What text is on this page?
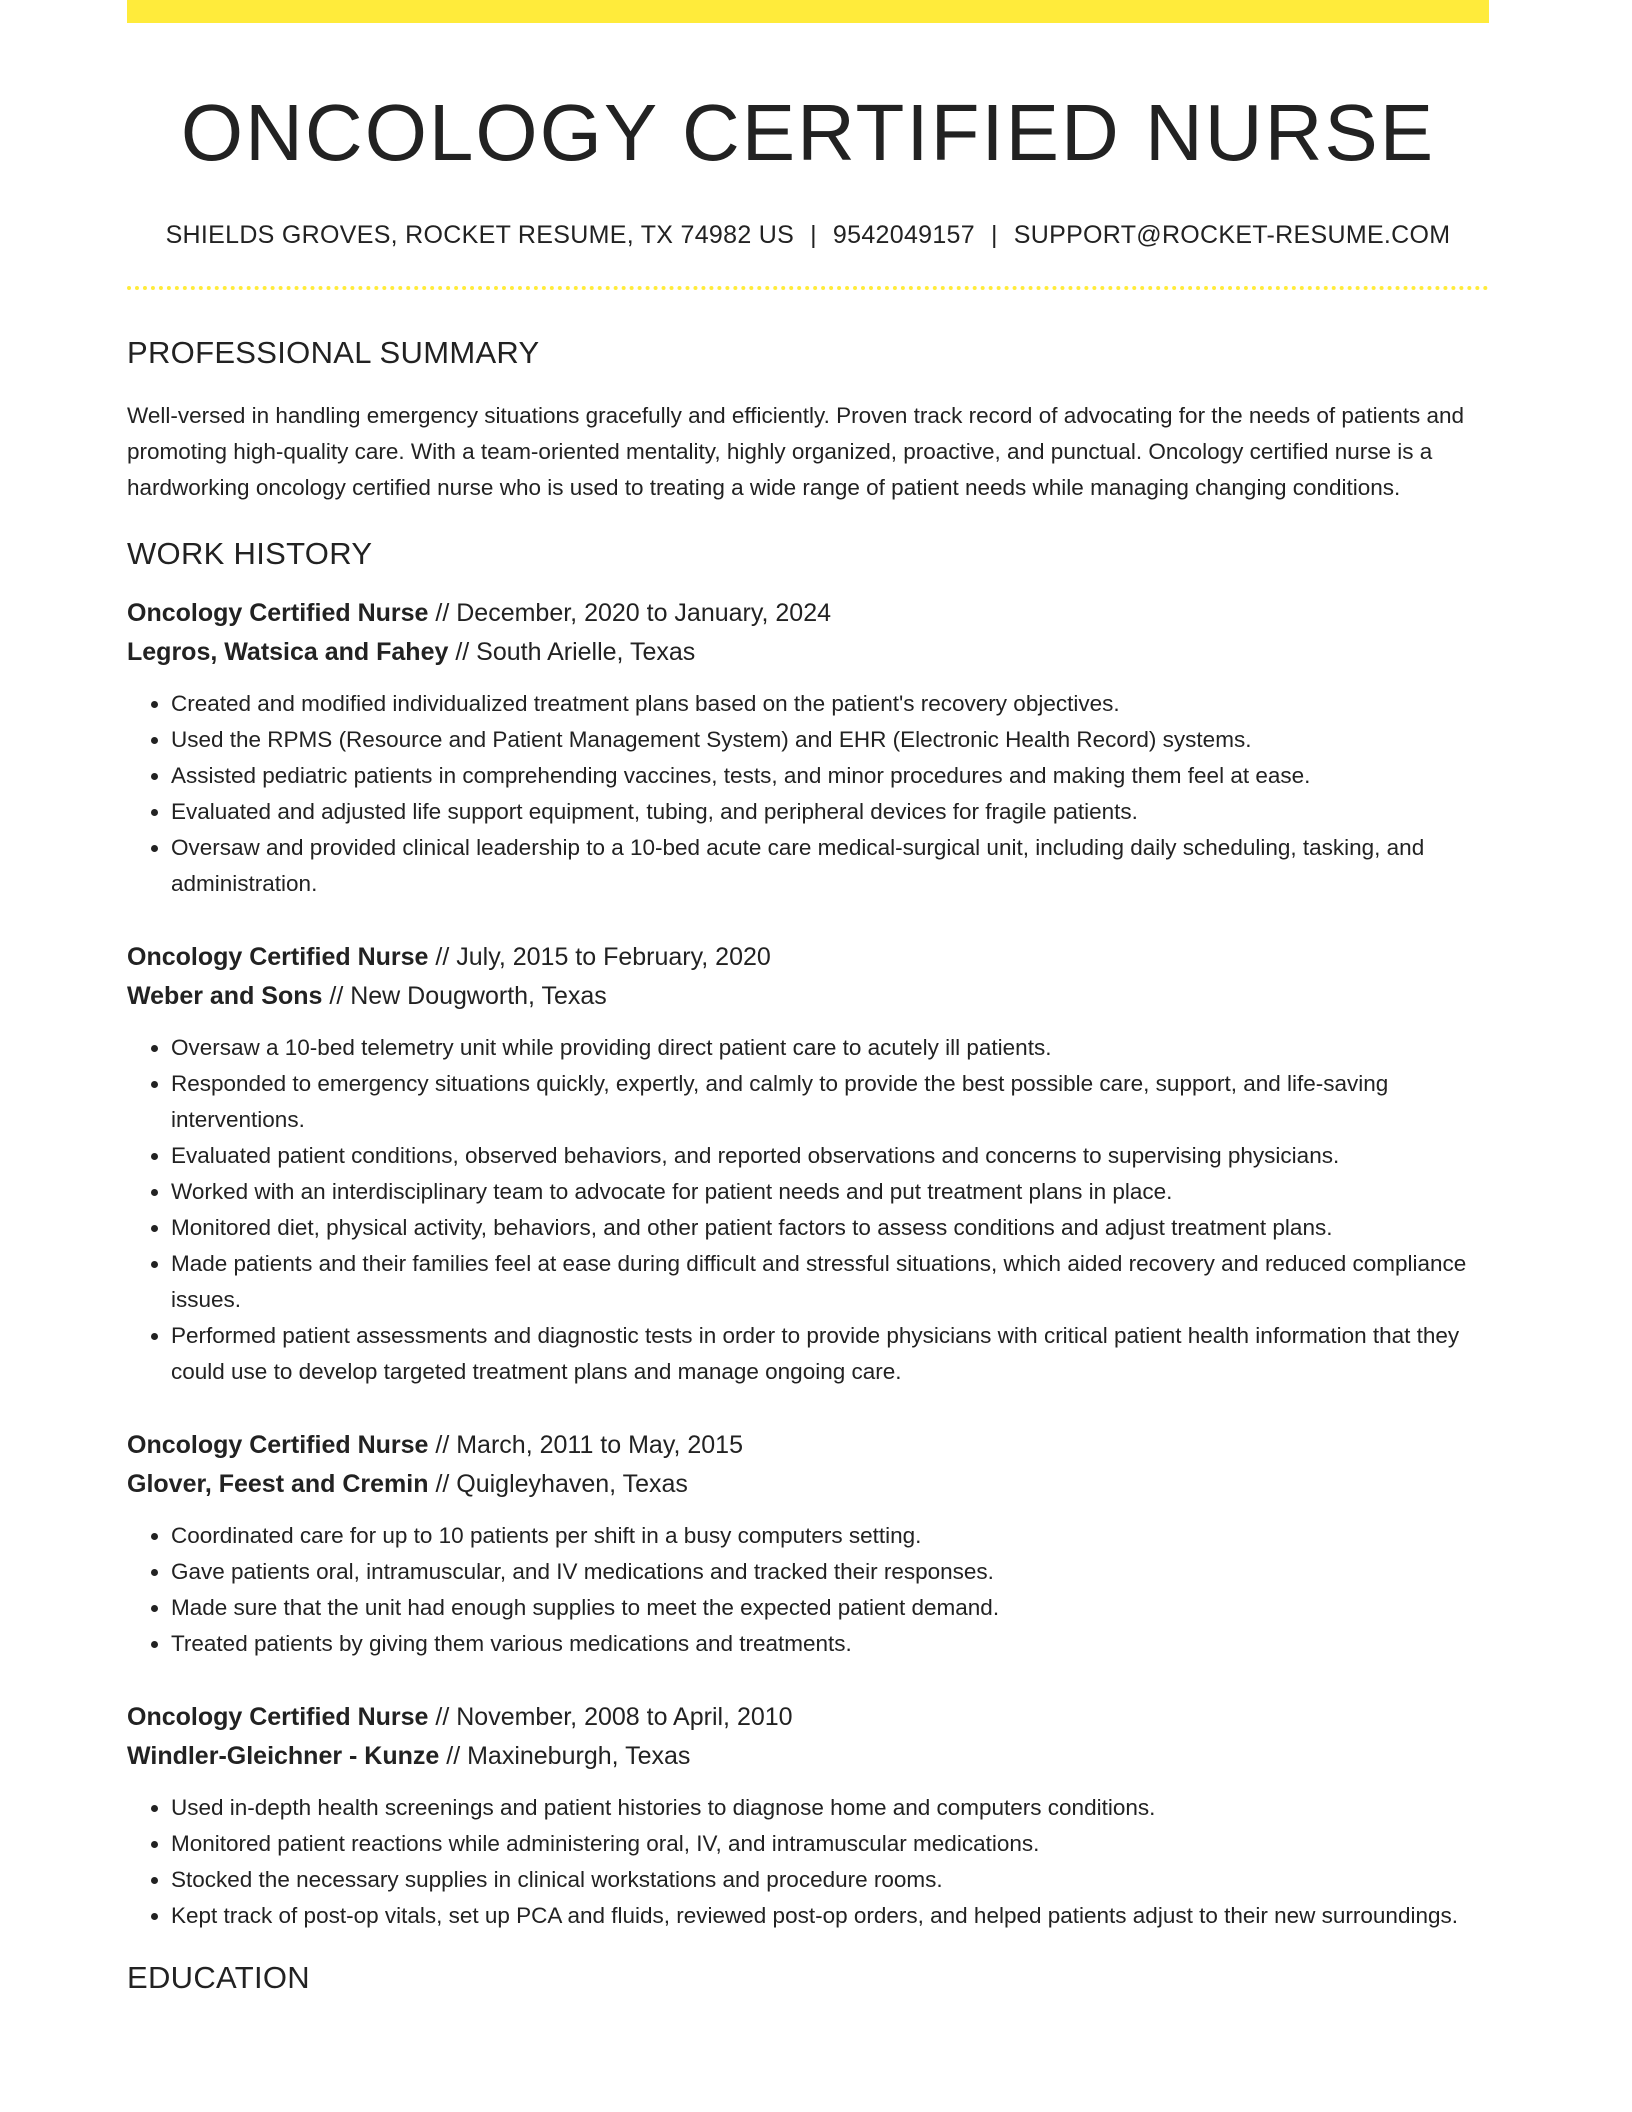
ONCOLOGY CERTIFIED NURSE
SHIELDS GROVES, ROCKET RESUME, TX 74982 US | 9542049157 | SUPPORT@ROCKET-RESUME.COM
PROFESSIONAL SUMMARY

Well-versed in handling emergency situations gracefully and efficiently. Proven track record of advocating for the needs of patients and promoting high-quality care. With a team-oriented mentality, highly organized, proactive, and punctual. Oncology certified nurse is a hardworking oncology certified nurse who is used to treating a wide range of patient needs while managing changing conditions.

WORK HISTORY
Oncology Certified Nurse // December, 2020 to January, 2024
Legros, Watsica and Fahey // South Arielle, Texas
• Created and modified individualized treatment plans based on the patient's recovery objectives.
• Used the RPMS (Resource and Patient Management System) and EHR (Electronic Health Record) systems.
• Assisted pediatric patients in comprehending vaccines, tests, and minor procedures and making them feel at ease.
• Evaluated and adjusted life support equipment, tubing, and peripheral devices for fragile patients.
• Oversaw and provided clinical leadership to a 10-bed acute care medical-surgical unit, including daily scheduling, tasking, and administration.
Oncology Certified Nurse // July, 2015 to February, 2020
Weber and Sons // New Dougworth, Texas
• Oversaw a 10-bed telemetry unit while providing direct patient care to acutely ill patients.
• Responded to emergency situations quickly, expertly, and calmly to provide the best possible care, support, and life-saving interventions.
• Evaluated patient conditions, observed behaviors, and reported observations and concerns to supervising physicians.
• Worked with an interdisciplinary team to advocate for patient needs and put treatment plans in place.
• Monitored diet, physical activity, behaviors, and other patient factors to assess conditions and adjust treatment plans.
• Made patients and their families feel at ease during difficult and stressful situations, which aided recovery and reduced compliance issues.
• Performed patient assessments and diagnostic tests in order to provide physicians with critical patient health information that they could use to develop targeted treatment plans and manage ongoing care.
Oncology Certified Nurse // March, 2011 to May, 2015
Glover, Feest and Cremin // Quigleyhaven, Texas
• Coordinated care for up to 10 patients per shift in a busy computers setting.
• Gave patients oral, intramuscular, and IV medications and tracked their responses.
• Made sure that the unit had enough supplies to meet the expected patient demand.
• Treated patients by giving them various medications and treatments.
Oncology Certified Nurse // November, 2008 to April, 2010
Windler-Gleichner - Kunze // Maxineburgh, Texas
• Used in-depth health screenings and patient histories to diagnose home and computers conditions.
• Monitored patient reactions while administering oral, IV, and intramuscular medications.
• Stocked the necessary supplies in clinical workstations and procedure rooms.
• Kept track of post-op vitals, set up PCA and fluids, reviewed post-op orders, and helped patients adjust to their new surroundings.
EDUCATION
